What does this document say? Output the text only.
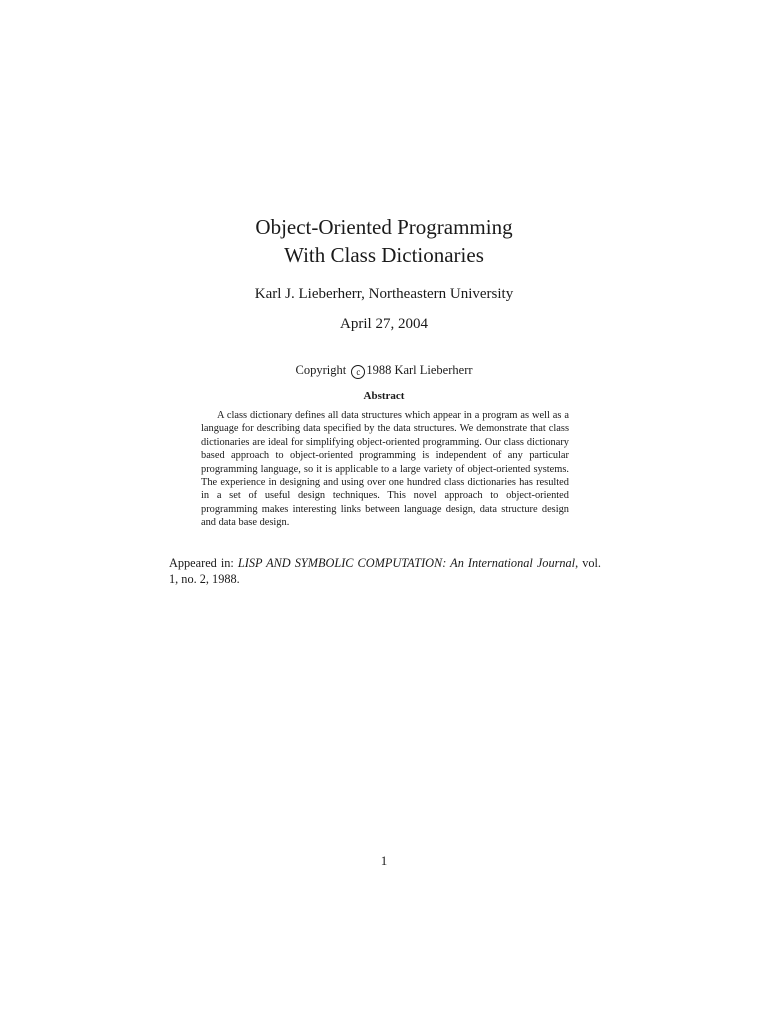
Object-Oriented Programming

With Class Dictionaries

Karl J. Lieberherr, Northeastern University
April 27, 2004
Copyright c 1988 Karl Lieberherr
Abstract

A class dictionary defines all data structures which appear in a program as well as a language for describing data specified by the data structures. We demonstrate that class dictionaries are ideal for simplifying object-oriented programming. Our class dictionary based approach to object-oriented programming is independent of any particular programming language, so it is applicable to a large variety of object-oriented systems. The experience in designing and using over one hundred class dictionaries has resulted in a set of useful design techniques. This novel approach to object-oriented programming makes interesting links between language design, data structure design and data base design.

Appeared in: LISP AND SYMBOLIC COMPUTATION: An International Journal, vol. 1, no. 2, 1988.

1
